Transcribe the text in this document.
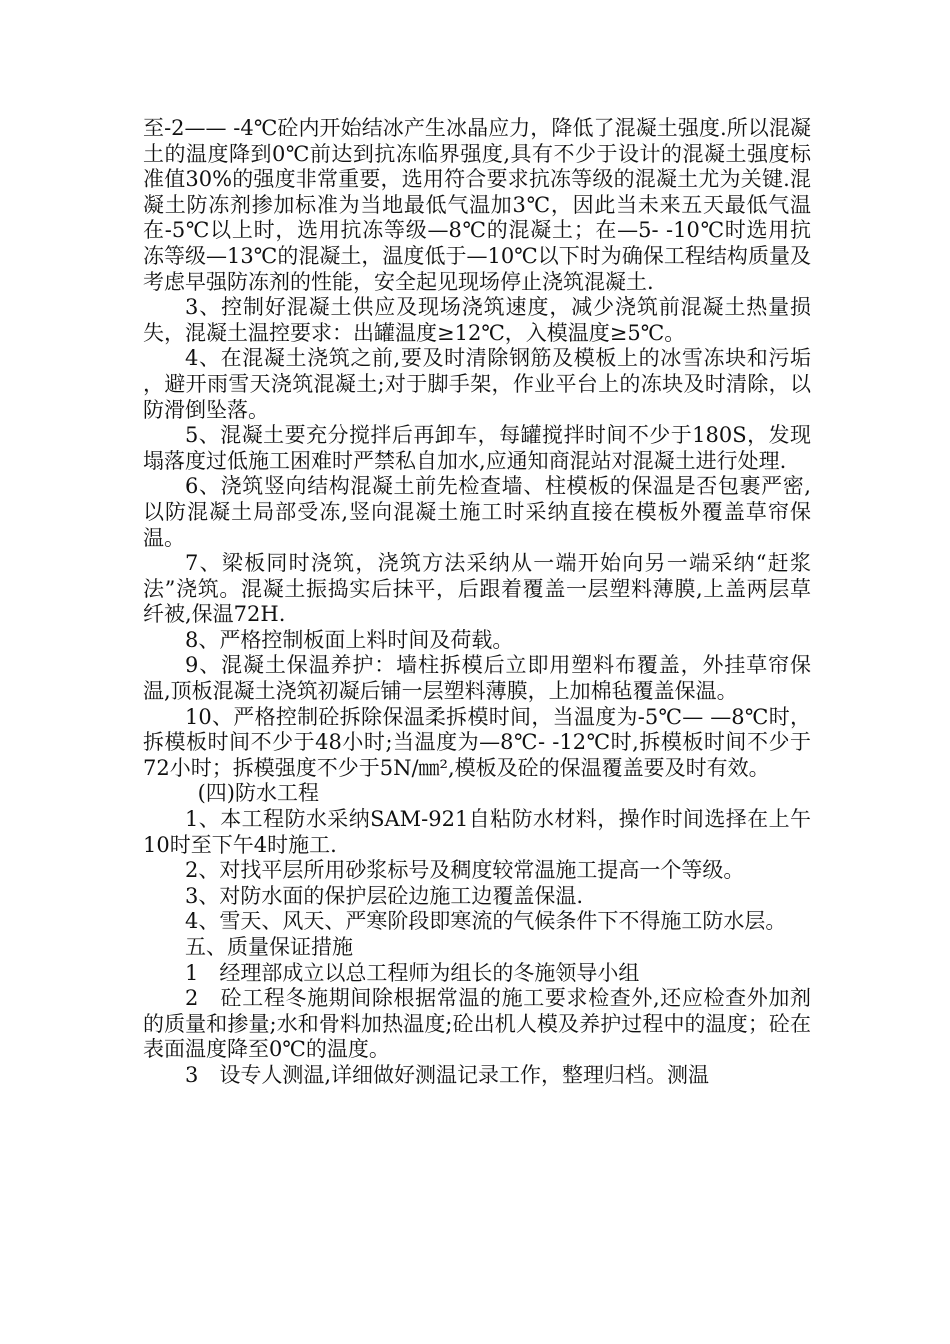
至-2—— -4℃砼内开始结冰产生冰晶应力，降低了混凝土强度.所以混凝土的温度降到0℃前达到抗冻临界强度,具有不少于设计的混凝土强度标准值30%的强度非常重要，选用符合要求抗冻等级的混凝土尤为关键.混凝土防冻剂掺加标准为当地最低气温加3℃，因此当未来五天最低气温在-5℃以上时，选用抗冻等级—8℃的混凝土；在—5- -10℃时选用抗冻等级—13℃的混凝土，温度低于—10℃以下时为确保工程结构质量及考虑早强防冻剂的性能，安全起见现场停止浇筑混凝土.

3、控制好混凝土供应及现场浇筑速度，减少浇筑前混凝土热量损失，混凝土温控要求：出罐温度≥12℃，入模温度≥5℃。

4、在混凝土浇筑之前,要及时清除钢筋及模板上的冰雪冻块和污垢 ，避开雨雪天浇筑混凝土;对于脚手架，作业平台上的冻块及时清除，以防滑倒坠落。

5、混凝土要充分搅拌后再卸车，每罐搅拌时间不少于180S，发现塌落度过低施工困难时严禁私自加水,应通知商混站对混凝土进行处理.

6、浇筑竖向结构混凝土前先检查墙、柱模板的保温是否包裹严密,以防混凝土局部受冻,竖向混凝土施工时采纳直接在模板外覆盖草帘保温。

7、梁板同时浇筑，浇筑方法采纳从一端开始向另一端采纳“赶浆法”浇筑。混凝土振捣实后抹平，后跟着覆盖一层塑料薄膜,上盖两层草纤被,保温72H.

8、严格控制板面上料时间及荷载。

9、混凝土保温养护：墙柱拆模后立即用塑料布覆盖，外挂草帘保温,顶板混凝土浇筑初凝后铺一层塑料薄膜，上加棉毡覆盖保温。

10、严格控制砼拆除保温柔拆模时间，当温度为-5℃— —8℃时，拆模板时间不少于48小时;当温度为—8℃- -12℃时,拆模板时间不少于72小时；拆模强度不少于5N/㎜²,模板及砼的保温覆盖要及时有效。

(四)防水工程

1、本工程防水采纳SAM-921自粘防水材料，操作时间选择在上午10时至下午4时施工.

2、对找平层所用砂浆标号及稠度较常温施工提高一个等级。

3、对防水面的保护层砼边施工边覆盖保温.

4、雪天、风天、严寒阶段即寒流的气候条件下不得施工防水层。

五、质量保证措施

1　经理部成立以总工程师为组长的冬施领导小组

2　砼工程冬施期间除根据常温的施工要求检查外,还应检查外加剂的质量和掺量;水和骨料加热温度;砼出机人模及养护过程中的温度；砼在表面温度降至0℃的温度。

3　设专人测温,详细做好测温记录工作，整理归档。测温
